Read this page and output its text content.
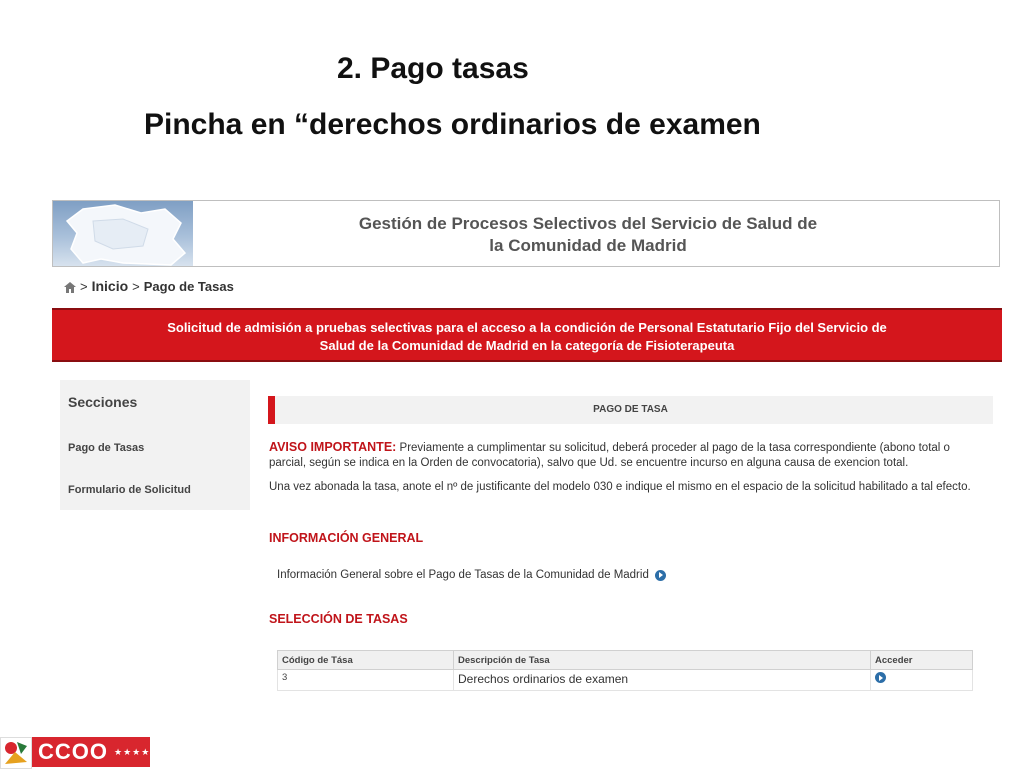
2. Pago tasas
Pincha en “derechos ordinarios de examen
Gestión de Procesos Selectivos del Servicio de Salud de
la Comunidad de Madrid
> Inicio > Pago de Tasas
Solicitud de admisión a pruebas selectivas para el acceso a la condición de Personal Estatutario Fijo del Servicio de
Salud de la Comunidad de Madrid en la categoría de Fisioterapeuta
Secciones
Pago de Tasas
Formulario de Solicitud
PAGO DE TASA
AVISO IMPORTANTE: Previamente a cumplimentar su solicitud, deberá proceder al pago de la tasa correspondiente (abono total o parcial, según se indica en la Orden de convocatoria), salvo que Ud. se encuentre incurso en alguna causa de exencion total.
Una vez abonada la tasa, anote el nº de justificante del modelo 030 e indique el mismo en el espacio de la solicitud habilitado a tal efecto.
INFORMACIÓN GENERAL
Información General sobre el Pago de Tasas de la Comunidad de Madrid
SELECCIÓN DE TASAS
Código de Tása	Descripción de Tasa	Acceder
3	Derechos ordinarios de examen	
CCOO ★★★★
